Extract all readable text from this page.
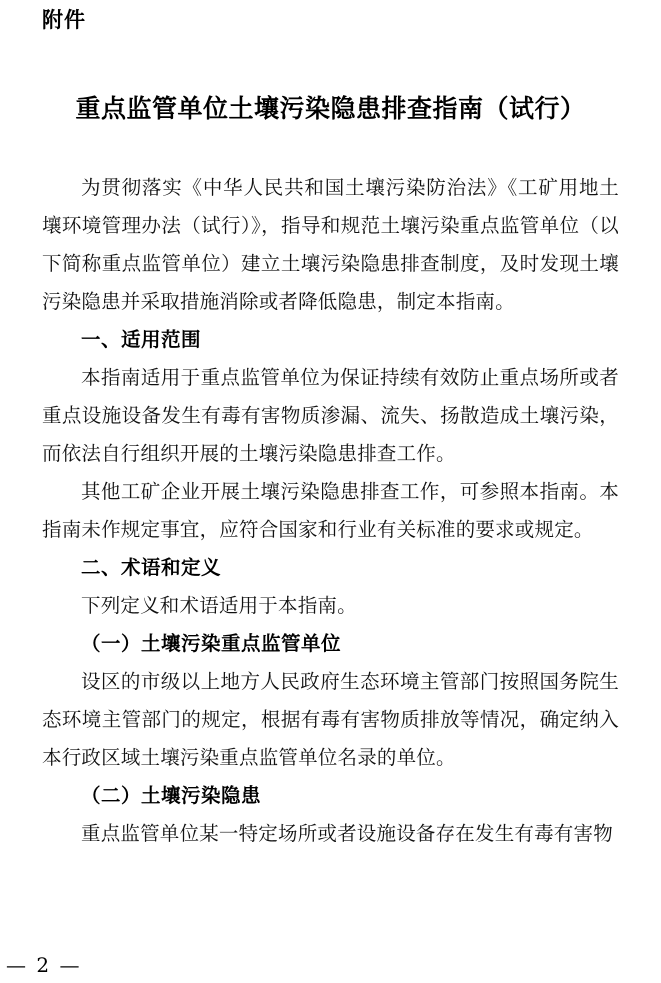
附件
重点监管单位土壤污染隐患排查指南（试行）

为贯彻落实《中华人民共和国土壤污染防治法》《工矿用地土壤环境管理办法（试行）》，指导和规范土壤污染重点监管单位（以下简称重点监管单位）建立土壤污染隐患排查制度，及时发现土壤污染隐患并采取措施消除或者降低隐患，制定本指南。

一、适用范围

本指南适用于重点监管单位为保证持续有效防止重点场所或者重点设施设备发生有毒有害物质渗漏、流失、扬散造成土壤污染，而依法自行组织开展的土壤污染隐患排查工作。

其他工矿企业开展土壤污染隐患排查工作，可参照本指南。本指南未作规定事宜，应符合国家和行业有关标准的要求或规定。

二、术语和定义

下列定义和术语适用于本指南。

（一）土壤污染重点监管单位

设区的市级以上地方人民政府生态环境主管部门按照国务院生态环境主管部门的规定，根据有毒有害物质排放等情况，确定纳入本行政区域土壤污染重点监管单位名录的单位。

（二）土壤污染隐患

重点监管单位某一特定场所或者设施设备存在发生有毒有害物

— 2 —
